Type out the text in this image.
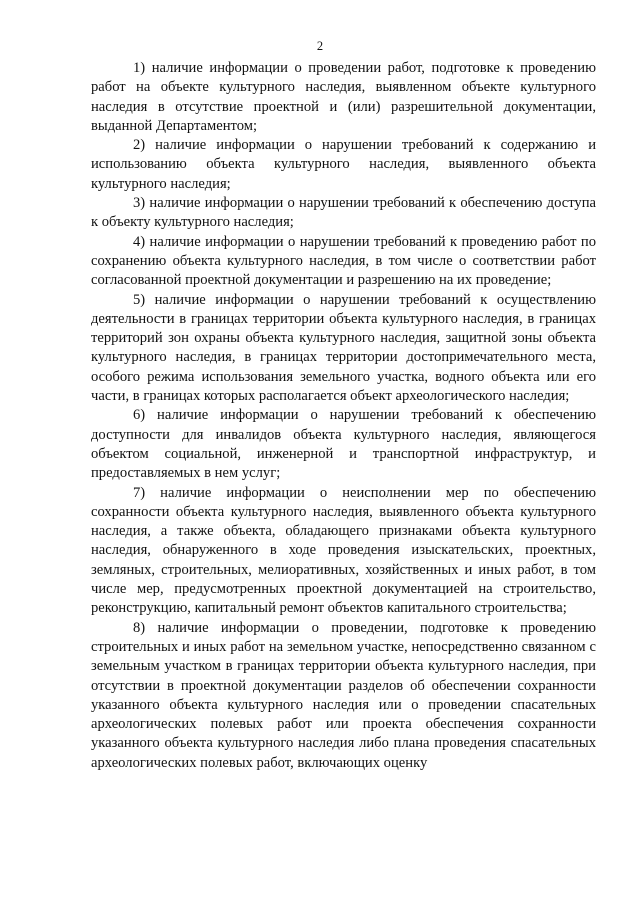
2

1) наличие информации о проведении работ, подготовке к проведению работ на объекте культурного наследия, выявленном объекте культурного наследия в отсутствие проектной и (или) разрешительной документации, выданной Департаментом;

2) наличие информации о нарушении требований к содержанию и использованию объекта культурного наследия, выявленного объекта культурного наследия;

3) наличие информации о нарушении требований к обеспечению доступа к объекту культурного наследия;

4) наличие информации о нарушении требований к проведению работ по сохранению объекта культурного наследия, в том числе о соответствии работ согласованной проектной документации и разрешению на их проведение;

5) наличие информации о нарушении требований к осуществлению деятельности в границах территории объекта культурного наследия, в границах территорий зон охраны объекта культурного наследия, защитной зоны объекта культурного наследия, в границах территории достопримечательного места, особого режима использования земельного участка, водного объекта или его части, в границах которых располагается объект археологического наследия;

6) наличие информации о нарушении требований к обеспечению доступности для инвалидов объекта культурного наследия, являющегося объектом социальной, инженерной и транспортной инфраструктур, и предоставляемых в нем услуг;

7) наличие информации о неисполнении мер по обеспечению сохранности объекта культурного наследия, выявленного объекта культурного наследия, а также объекта, обладающего признаками объекта культурного наследия, обнаруженного в ходе проведения изыскательских, проектных, земляных, строительных, мелиоративных, хозяйственных и иных работ, в том числе мер, предусмотренных проектной документацией на строительство, реконструкцию, капитальный ремонт объектов капитального строительства;

8) наличие информации о проведении, подготовке к проведению строительных и иных работ на земельном участке, непосредственно связанном с земельным участком в границах территории объекта культурного наследия, при отсутствии в проектной документации разделов об обеспечении сохранности указанного объекта культурного наследия или о проведении спасательных археологических полевых работ или проекта обеспечения сохранности указанного объекта культурного наследия либо плана проведения спасательных археологических полевых работ, включающих оценку
